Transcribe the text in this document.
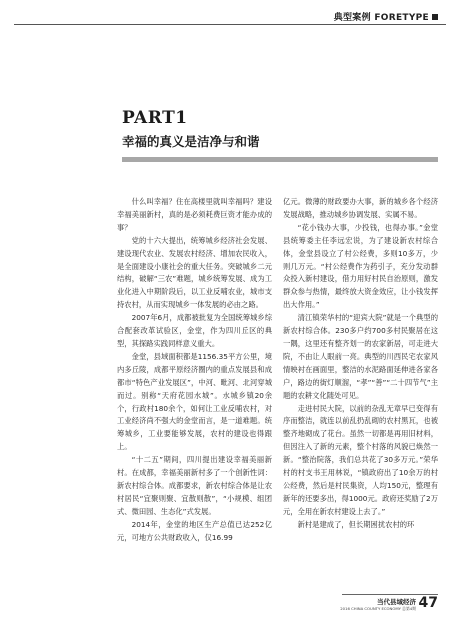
典型案例 FORETYPE
PART1
幸福的真义是洁净与和谐

什么叫幸福？住在高楼里就叫幸福吗？建设幸福美丽新村，真的是必须耗费巨资才能办成的事？

党的十六大提出，统筹城乡经济社会发展、建设现代农业、发展农村经济、增加农民收入，是全面建设小康社会的重大任务。突破城乡二元结构，破解“三农”难题，城乡统筹发展、成为工业化进入中期阶段后，以工业反哺农业，城市支持农村，从而实现城乡一体发展的必由之路。

2007年6月，成都被批复为全国统筹城乡综合配套改革试验区，金堂，作为四川丘区的典型，其探路实践同样意义重大。

金堂，县域面积都是1156.35平方公里，境内多丘陵，成都平原经济圈内的重点发展县和成都市“特色产业发展区”，中河、毗河、北河穿城而过。别称“天府花园水城”。水城乡镇20余个，行政村180余个，如何让工业反哺农村，对工业经济尚不强大的金堂而言，是一道难题。统筹城乡，工业要能够发展，农村的建设也得跟上。

“十二五”期间，四川提出建设幸福美丽新村。在成都，幸福美丽新村多了一个创新性词：新农村综合体。成都要求，新农村综合体是让农村居民“宜聚则聚、宜散则散”，“小规模、组团式、微田园、生态化”式发展。

2014年，金堂的地区生产总值已达252亿元，可地方公共财政收入，仅16.99

亿元。微薄的财政要办大事，新的城乡各个经济发展战略，推动城乡协调发展、实属不易。

“花小钱办大事，少投钱，也得办事。”金堂县统筹委主任李远宏说，为了建设新农村综合体，金堂县设立了村公经费，多则10多万，少则几万元。“村公经费作为药引子，充分发动群众投入新村建设，借力用好村民自治原则，激发群众参与热情，最终放大资金效应，让小钱发挥出大作用。”

清江镇荣华村的“迎宾大院”就是一个典型的新农村综合体。230多户约700多村民聚居在这一隅，这里还有整齐划一的农家新居，可走进大院，不由让人眼前一亮。典型的川西民宅农家风情映衬在画面里，整洁的水泥路面延伸进各家各户，路边的街灯顺溜，“孝”“善”“二十四节气”主题的农耕文化随处可见。

走进村民大院，以前的杂乱无章早已变得有序而整洁，就连以前乱扔乱砌的农村黑瓦，也被整齐地砌成了花台。虽然一切都是再用旧材料，但因注入了新的元素，整个村落的风貌已焕然一新。“整治院落，我们总共花了30多万元。”荣华村的村支书王用林说，“镇政府出了10余万的村公经费，然后是村民集资，人均150元，整理有新年的还要多出，得1000元。政府还奖励了2万元，全用在新农村建设上去了。”

新村是建成了，但长期困扰农村的环

当代县域经济
2016 CHINA COUNTY ECONOMY 总第4期 47
